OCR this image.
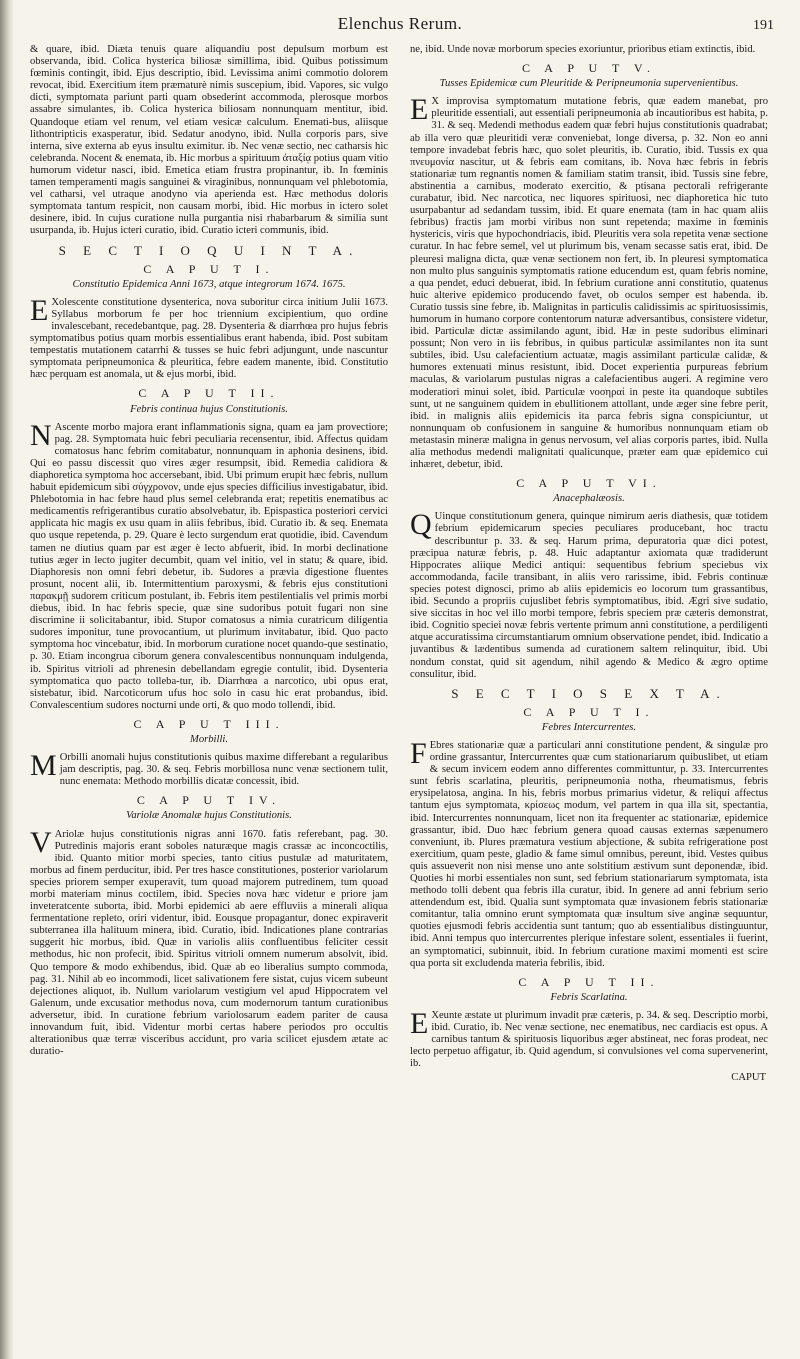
Elenchus Rerum.	191

& quare, ibid. Diæta tenuis quare aliquandiu post depulsum morbum est observanda, ibid. Colica hysterica biliosæ simillima, ibid. Quibus potissimum fœminis contingit, ibid. Ejus descriptio, ibid. Levissima animi commotio dolorem revocat, ibid. Exercitium item præmaturè nimis suscepium, ibid. Vapores, sic vulgo dicti, symptomata pariunt parti quam obsederint accommoda, plerosque morbos assabre simulantes, ib. Colica hysterica biliosam nonnunquam mentitur, ibid. Quandoque etiam vel renum, vel etiam vesicæ calculum. Enemati-bus, aliisque lithontripticis exasperatur, ibid. Sedatur anodyno, ibid. Nulla corporis pars, sive interna, sive externa ab eyus insultu eximitur. ib. Nec venæ sectio, nec catharsis hic celebranda. Nocent & enemata, ib. Hic morbus a spirituum ἀταξίᾳ potius quam vitio humorum videtur nasci, ibid. Emetica etiam frustra propinantur, ib. In fœminis tamen temperamenti magis sanguinei & viraginibus, nonnunquam vel phlebotomia, vel catharsi, vel utraque anodyno via aperienda est. Hæc methodus doloris symptomata tantum respicit, non causam morbi, ibid. Hic morbus in ictero solet desinere, ibid. In cujus curatione nulla purgantia nisi rhabarbarum & similia sunt usurpanda, ib. Hujus icteri curatio, ibid. Curatio icteri communis, ibid.

S E C T I O Q U I N T A.
C A P U T I.
Constitutio Epidemica Anni 1673, atque integrorum 1674. 1675.

E Xolescente constitutione dysenterica, nova suboritur circa initium Julii 1673. Syllabus morborum fe per hoc triennium excipientium, quo ordine invalescebant, recedebantque, pag. 28. Dysenteria & diarrhœa pro hujus febris symptomatibus potius quam morbis essentialibus erant habenda, ibid. Post subitam tempestatis mutationem catarrhi & tusses se huic febri adjungunt, unde nascuntur symptomata peripneumonica & pleuritica, febre eadem manente, ibid. Constitutio hæc perquam est anomala, ut & ejus morbi, ibid.

C A P U T II.
Febris continua hujus Constitutionis.

N Ascente morbo majora erant inflammationis signa, quam ea jam provectiore; pag. 28. Symptomata huic febri peculiaria recensentur, ibid. Affectus quidam comatosus hanc febrim comitabatur, nonnunquam in aphonia desinens, ibid. Qui eo passu discessit quo vires æger resumpsit, ibid. Remedia calidiora & diaphoretica symptoma hoc accersebant, ibid. Ubi primum erupit hæc febris, nullum habuit epidemicum sibi σύγχρονον, unde ejus species difficilius investigabatur, ibid. Phlebotomia in hac febre haud plus semel celebranda erat; repetitis enematibus ac medicamentis refrigerantibus curatio absolvebatur, ib. Epispastica posteriori cervici applicata hic magis ex usu quam in aliis febribus, ibid. Curatio ib. & seq. Enemata quo usque repetenda, p. 29. Quare è lecto surgendum erat quotidie, ibid. Cavendum tamen ne diutius quam par est æger è lecto abfuerit, ibid. In morbi declinatione tutius æger in lecto jugiter decumbit, quam vel initio, vel in statu; & quare, ibid. Diaphoresis non omni febri debetur, ib. Sudores a prævia digestione fluentes prosunt, nocent alii, ib. Intermittentium paroxysmi, & febris ejus constitutioni παρακμῇ sudorem criticum postulant, ib. Febris item pestilentialis vel primis morbi diebus, ibid. In hac febris specie, quæ sine sudoribus potuit fugari non sine discrimine ii solicitabantur, ibid. Stupor comatosus a nimia curatricum diligentia sudores imponitur, tune provocantium, ut plurimum invitabatur, ibid. Quo pacto symptoma hoc vincebatur, ibid. In morborum curatione nocet quando-que sestinatio, p. 30. Etiam incongrua ciborum genera convalescentibus nonnunquam indulgenda, ib. Spiritus vitrioli ad phrenesin debellandam egregie contulit, ibid. Dysenteria symptomatica quo pacto tolleba-tur, ib. Diarrhœa a narcotico, ubi opus erat, sistebatur, ibid. Narcoticorum ufus hoc solo in casu hic erat probandus, ibid. Convalescentium sudores nocturni unde orti, & quo modo tollendi, ibid.

C A P U T III.
Morbilli.

M Orbilli anomali hujus constitutionis quibus maxime differebant a regularibus jam descriptis, pag. 30. & seq. Febris morbillosa nunc venæ sectionem tulit, nunc enemata: Methodo morbillis dicatæ concessit, ibid.

C A P U T IV.
Variolæ Anomalæ hujus Constitutionis.

V Ariolæ hujus constitutionis nigras anni 1670. fatis referebant, pag. 30. Putredinis majoris erant soboles naturæque magis crassæ ac inconcoctilis, ibid. Quanto mitior morbi species, tanto citius pustulæ ad maturitatem, morbus ad finem perducitur, ibid. Per tres hasce constitutiones, posterior variolarum species priorem semper exuperavit, tum quoad majorem putredinem, tum quoad morbi materiam minus coctilem, ibid. Species nova hæc videtur e priore jam inveteratcente suborta, ibid. Morbi epidemici ab aere effluviis a minerali aliqua fermentatione repleto, oriri videntur, ibid. Eousque propagantur, donec expiraverit subterranea illa halituum minera, ibid. Curatio, ibid. Indicationes plane contrarias suggerit hic morbus, ibid. Quæ in variolis aliis confluentibus feliciter cessit methodus, hic non profecit, ibid. Spiritus vitrioli omnem numerum absolvit, ibid. Quo tempore & modo exhibendus, ibid. Quæ ab eo liberalius sumpto commoda, pag. 31. Nihil ab eo incommodi, licet salivationem fere sistat, cujus vicem subeunt dejectiones aliquot, ib. Nullum variolarum vestigium vel apud Hippocratem vel Galenum, unde excusatior methodus nova, cum modernorum tantum curationibus adversetur, ibid. In curatione febrium variolosarum eadem pariter de causa innovandum fuit, ibid. Videntur morbi certas habere periodos pro occultis alterationibus quæ terræ visceribus accidunt, pro varia scilicet ejusdem ætate ac duratio-

ne, ibid. Unde novæ morborum species exoriuntur, prioribus etiam extinctis, ibid.

C A P U T V.
Tusses Epidemicæ cum Pleuritide & Peripneumonia supervenientibus.

E X improvisa symptomatum mutatione febris, quæ eadem manebat, pro pleuritide essentiali, aut essentiali peripneumonia ab incautioribus est habita, p. 31. & seq. Medendi methodus eadem quæ febri hujus constitutionis quadrabat; ab illa vero quæ pleuritidi veræ conveniebat, longe diversa, p. 32. Non eo anni tempore invadebat febris hæc, quo solet pleuritis, ib. Curatio, ibid. Tussis ex qua πνευμονία nascitur, ut & febris eam comitans, ib. Nova hæc febris in febris stationariæ tum regnantis nomen & familiam statim transit, ibid. Tussis sine febre, abstinentia a carnibus, moderato exercitio, & ptisana pectorali refrigerante curabatur, ibid. Nec narcotica, nec liquores spirituosi, nec diaphoretica hic tuto usurpabantur ad sedandam tussim, ibid. Et quare enemata (tam in hac quam aliis febribus) fractis jam morbi viribus non sunt repetenda; maxime in fœminis hystericis, viris que hypochondriacis, ibid. Pleuritis vera sola repetita venæ sectione curatur. In hac febre semel, vel ut plurimum bis, venam secasse satis erat, ibid. De pleuresi maligna dicta, quæ venæ sectionem non fert, ib. In pleuresi symptomatica non multo plus sanguinis symptomatis ratione educendum est, quam febris nomine, a qua pendet, educi debuerat, ibid. In febrium curatione anni constitutio, quatenus huic alterive epidemico producendo favet, ob oculos semper est habenda. ib. Curatio tussis sine febre, ib. Malignitas in particulis calidissimis ac spirituosissimis, humorum in humano corpore contentorum naturæ adversantibus, consistere videtur, ibid. Particulæ dictæ assimilando agunt, ibid. Hæ in peste sudoribus eliminari possunt; Non vero in iis febribus, in quibus particulæ assimilantes non ita sunt subtiles, ibid. Usu calefacientium actuatæ, magis assimilant particulæ calidæ, & humores extenuati minus resistunt, ibid. Docet experientia purpureas febrium maculas, & variolarum pustulas nigras a calefacientibus augeri. A regimine vero moderatiori minui solet, ibid. Particulæ νοσηραί in peste ita quandoque subtiles sunt, ut ne sanguinem quidem in ebullitionem attollant, unde æger sine febre perit, ibid. in malignis aliis epidemicis ita parca febris signa conspiciuntur, ut nonnunquam ob confusionem in sanguine & humoribus nonnunquam etiam ob metastasin mineræ maligna in genus nervosum, vel alias corporis partes, ibid. Nulla alia methodus medendi malignitati qualicunque, præter eam quæ epidemico cui inhæret, debetur, ibid.

C A P U T VI.
Anacephalæosis.

Q Uinque constitutionum genera, quinque nimirum aeris diathesis, quæ totidem febrium epidemicarum species peculiares producebant, hoc tractu describuntur p. 33. & seq. Harum prima, depuratoria quæ dici potest, præcipua naturæ febris, p. 48. Huic adaptantur axiomata quæ tradiderunt Hippocrates aliique Medici antiqui: sequentibus febrium speciebus vix accommodanda, facile transibant, in aliis vero rarissime, ibid. Febris continuæ species potest dignosci, primo ab aliis epidemicis eo locorum tum grassantibus, ibid. Secundo a propriis cujuslibet febris symptomatibus, ibid. Ægri sive sudatio, sive siccitas in hoc vel illo morbi tempore, febris speciem præ cæteris demonstrat, ibid. Cognitio speciei novæ febris vertente primum anni constitutione, a perdiligenti atque accuratissima circumstantiarum omnium observatione pendet, ibid. Indicatio a juvantibus & lædentibus sumenda ad curationem saltem relinquitur, ibid. Ubi nondum constat, quid sit agendum, nihil agendo & Medico & ægro optime consulitur, ibid.

S E C T I O S E X T A.
C A P U T I.
Febres Intercurrentes.

F Ebres stationariæ quæ a particulari anni constitutione pendent, & singulæ pro ordine grassantur, Intercurrentes quæ cum stationariarum quibuslibet, ut etiam & secum invicem eodem anno differentes committuntur, p. 33. Intercurrentes sunt febris scarlatina, pleuritis, peripneumonia notha, rheumatismus, febris erysipelatosa, angina. In his, febris morbus primarius videtur, & reliqui affectus tantum ejus symptomata, κρίσεως modum, vel partem in qua illa sit, spectantia, ibid. Intercurrentes nonnunquam, licet non ita frequenter ac stationariæ, epidemice grassantur, ibid. Duo hæc febrium genera quoad causas externas sæpenumero conveniunt, ib. Plures præmatura vestium abjectione, & subita refrigeratione post exercitium, quam peste, gladio & fame simul omnibus, pereunt, ibid. Vestes quibus quis assueverit non nisi mense uno ante solstitium æstivum sunt deponendæ, ibid. Quoties hi morbi essentiales non sunt, sed febrium stationariarum symptomata, ista methodo tolli debent qua febris illa curatur, ibid. In genere ad anni febrium serio attendendum est, ibid. Qualia sunt symptomata quæ invasionem febris stationariæ comitantur, talia omnino erunt symptomata quæ insultum sive anginæ sequuntur, quoties ejusmodi febris accidentia sunt tantum; quo ab essentialibus distinguuntur, ibid. Anni tempus quo intercurrentes plerique infestare solent, essentiales ii fuerint, an symptomatici, subinnuit, ibid. In febrium curatione maximi momenti est scire qua porta sit excludenda materia febrilis, ibid.

C A P U T II.
Febris Scarlatina.

E Xeunte æstate ut plurimum invadit præ cæteris, p. 34. & seq. Descriptio morbi, ibid. Curatio, ib. Nec venæ sectione, nec enematibus, nec cardiacis est opus. A carnibus tantum & spirituosis liquoribus æger abstineat, nec foras prodeat, nec lecto perpetuo affigatur, ib. Quid agendum, si convulsiones vel coma supervenerint, ib.

CAPUT
